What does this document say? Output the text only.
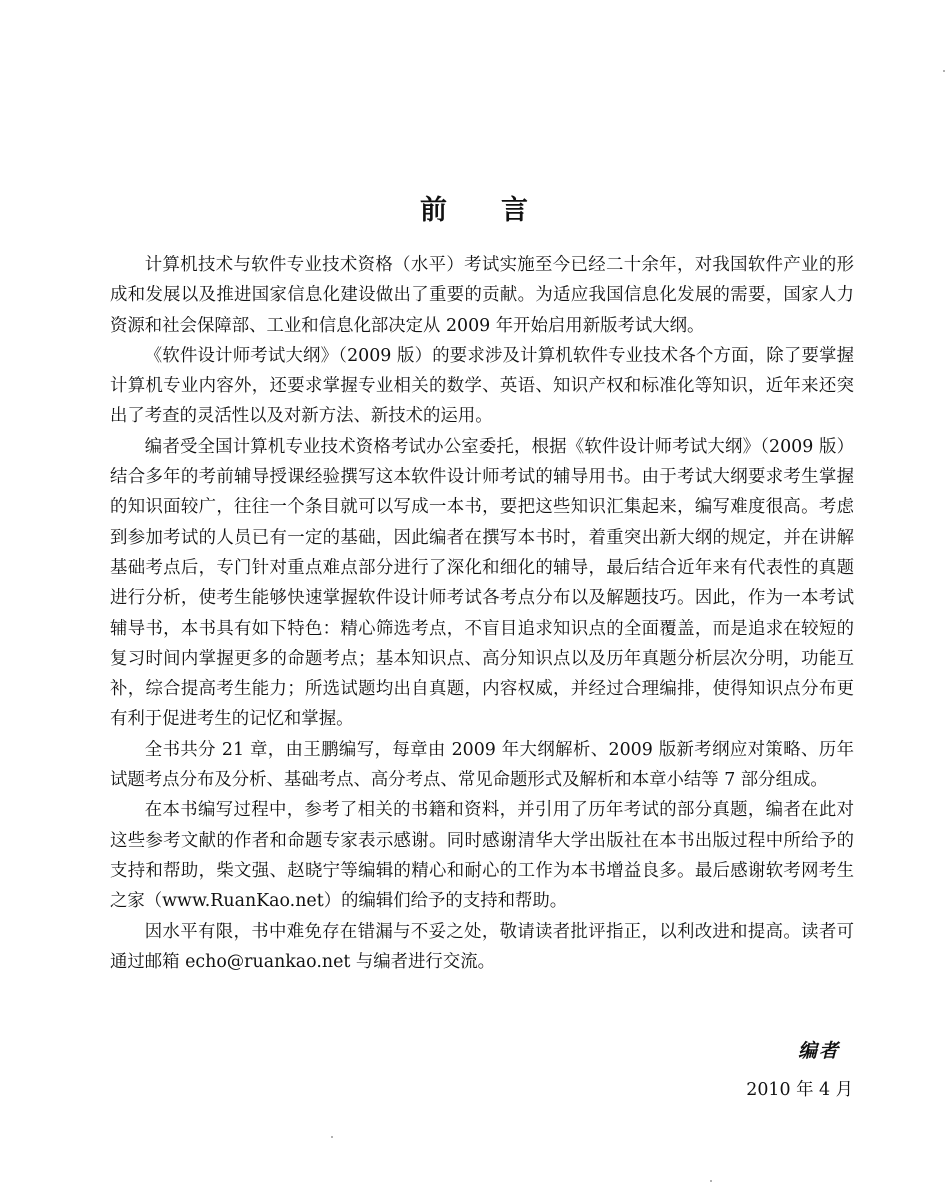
前 言

计算机技术与软件专业技术资格（水平）考试实施至今已经二十余年，对我国软件产业的形成和发展以及推进国家信息化建设做出了重要的贡献。为适应我国信息化发展的需要，国家人力资源和社会保障部、工业和信息化部决定从 2009 年开始启用新版考试大纲。

《软件设计师考试大纲》（2009 版）的要求涉及计算机软件专业技术各个方面，除了要掌握计算机专业内容外，还要求掌握专业相关的数学、英语、知识产权和标准化等知识，近年来还突出了考查的灵活性以及对新方法、新技术的运用。

编者受全国计算机专业技术资格考试办公室委托，根据《软件设计师考试大纲》（2009 版）结合多年的考前辅导授课经验撰写这本软件设计师考试的辅导用书。由于考试大纲要求考生掌握的知识面较广，往往一个条目就可以写成一本书，要把这些知识汇集起来，编写难度很高。考虑到参加考试的人员已有一定的基础，因此编者在撰写本书时，着重突出新大纲的规定，并在讲解基础考点后，专门针对重点难点部分进行了深化和细化的辅导，最后结合近年来有代表性的真题进行分析，使考生能够快速掌握软件设计师考试各考点分布以及解题技巧。因此，作为一本考试辅导书，本书具有如下特色：精心筛选考点，不盲目追求知识点的全面覆盖，而是追求在较短的复习时间内掌握更多的命题考点；基本知识点、高分知识点以及历年真题分析层次分明，功能互补，综合提高考生能力；所选试题均出自真题，内容权威，并经过合理编排，使得知识点分布更有利于促进考生的记忆和掌握。

全书共分 21 章，由王鹏编写，每章由 2009 年大纲解析、2009 版新考纲应对策略、历年试题考点分布及分析、基础考点、高分考点、常见命题形式及解析和本章小结等 7 部分组成。

在本书编写过程中，参考了相关的书籍和资料，并引用了历年考试的部分真题，编者在此对这些参考文献的作者和命题专家表示感谢。同时感谢清华大学出版社在本书出版过程中所给予的支持和帮助，柴文强、赵晓宁等编辑的精心和耐心的工作为本书增益良多。最后感谢软考网考生之家（www.RuanKao.net）的编辑们给予的支持和帮助。

因水平有限，书中难免存在错漏与不妥之处，敬请读者批评指正，以利改进和提高。读者可通过邮箱 echo@ruankao.net 与编者进行交流。

编者
2010 年 4 月
